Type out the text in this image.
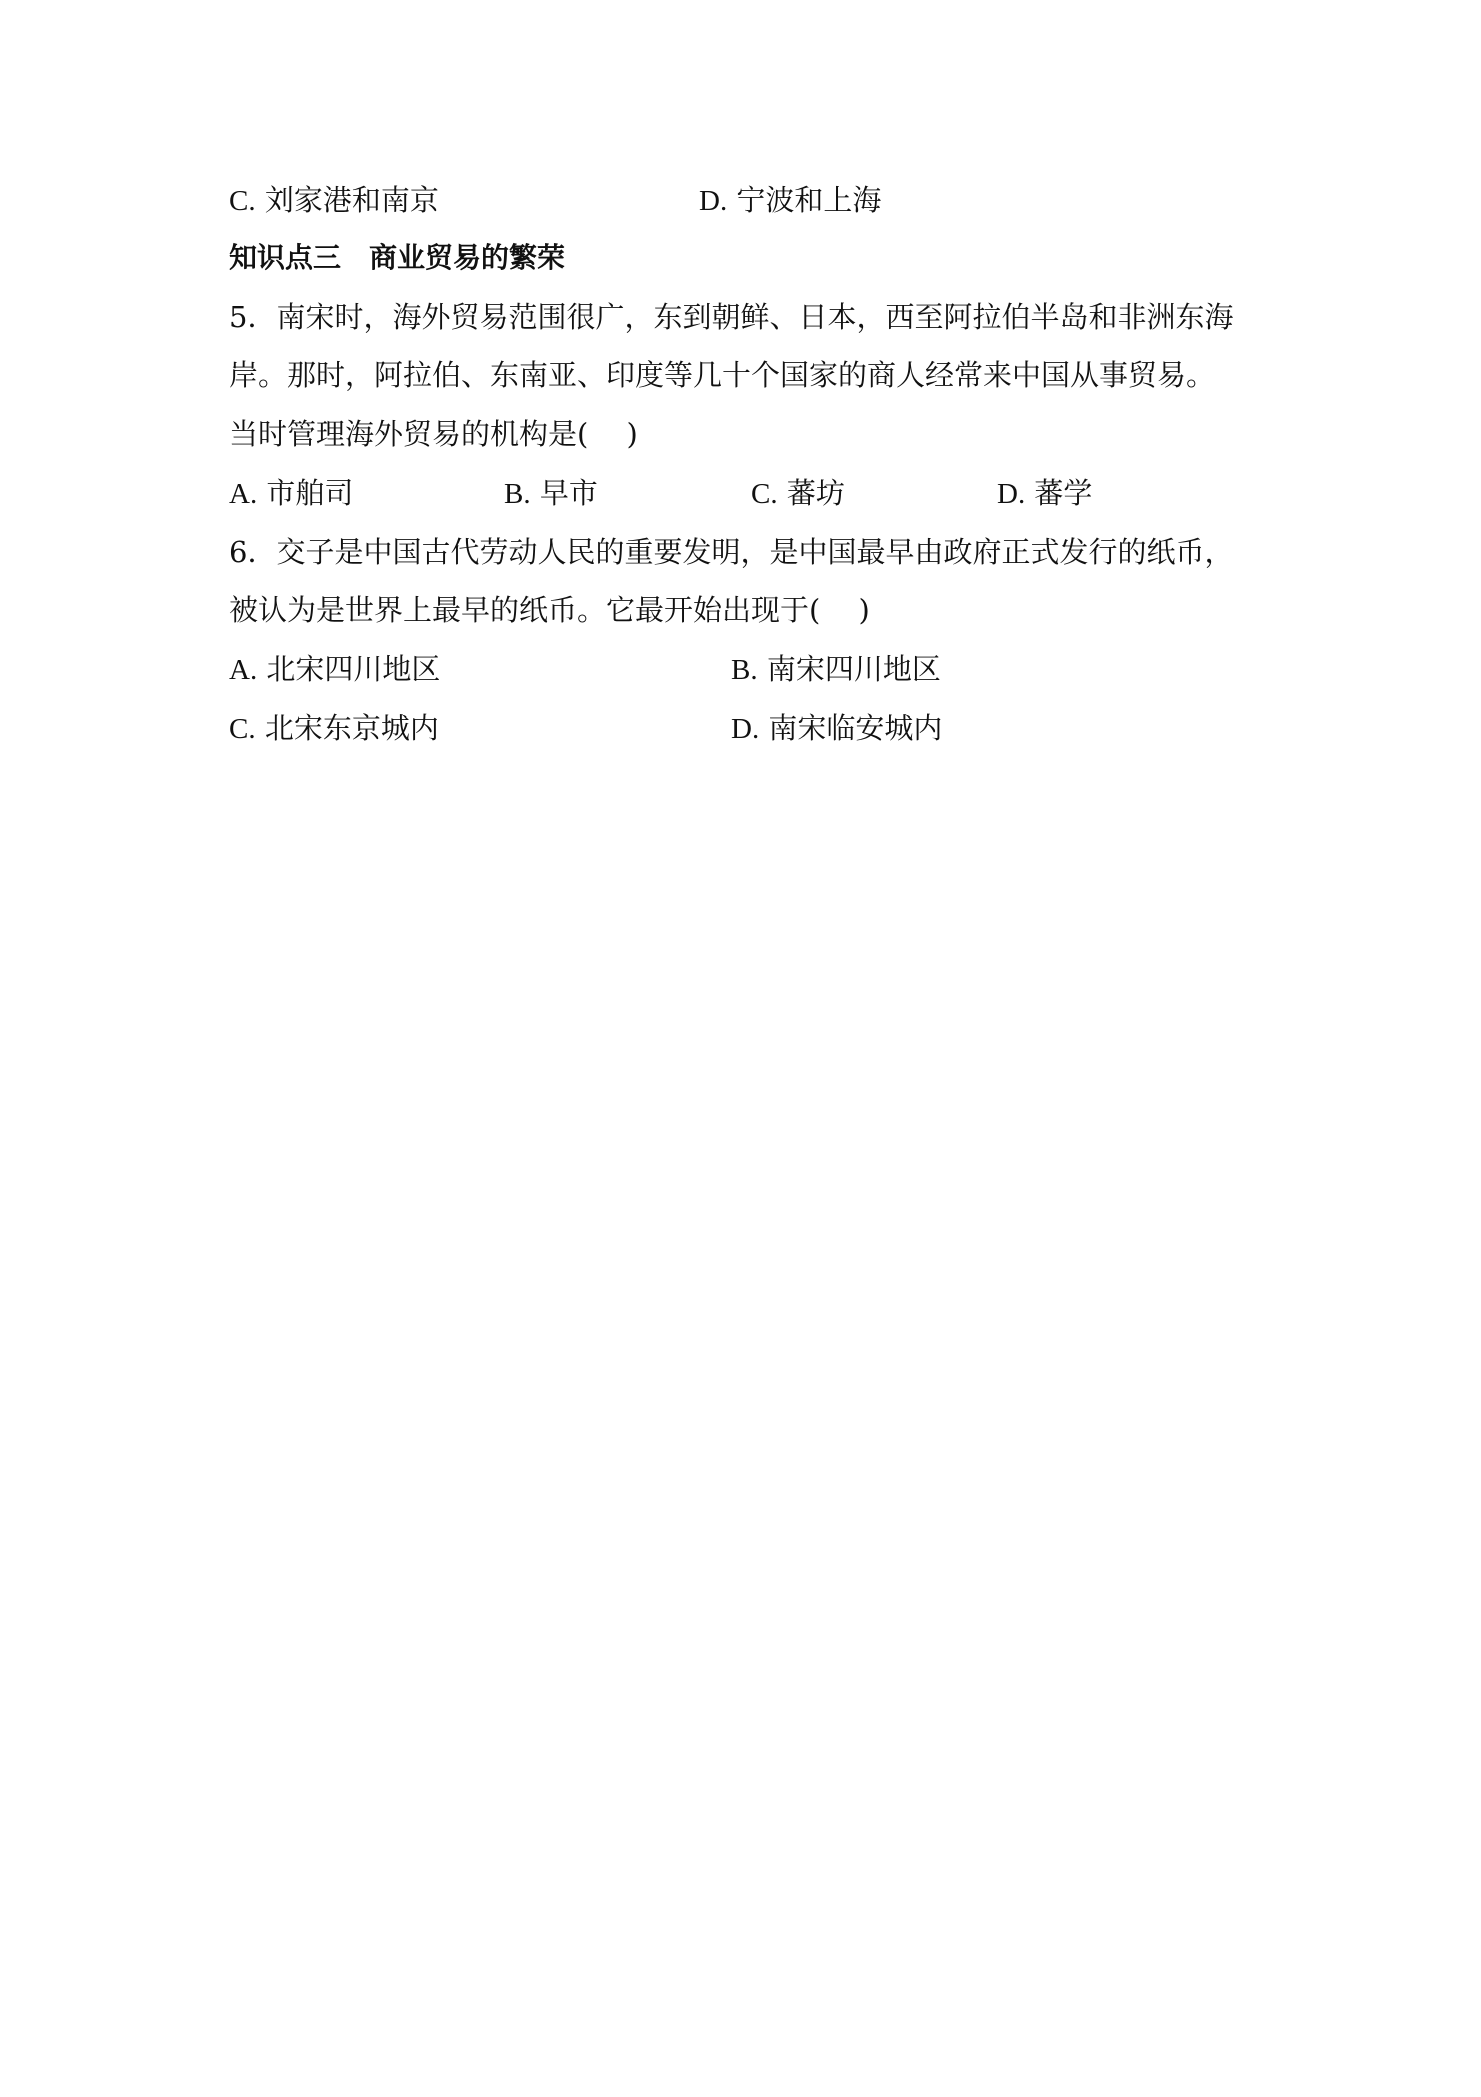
C. 刘家港和南京	D. 宁波和上海
知识点三　商业贸易的繁荣
5．南宋时，海外贸易范围很广，东到朝鲜、日本，西至阿拉伯半岛和非洲东海
岸。那时，阿拉伯、东南亚、印度等几十个国家的商人经常来中国从事贸易。
当时管理海外贸易的机构是(　 )
A. 市舶司	B. 早市	C. 蕃坊	D. 蕃学
6．交子是中国古代劳动人民的重要发明，是中国最早由政府正式发行的纸币，
被认为是世界上最早的纸币。它最开始出现于(　 )
A. 北宋四川地区	B. 南宋四川地区
C. 北宋东京城内	D. 南宋临安城内
